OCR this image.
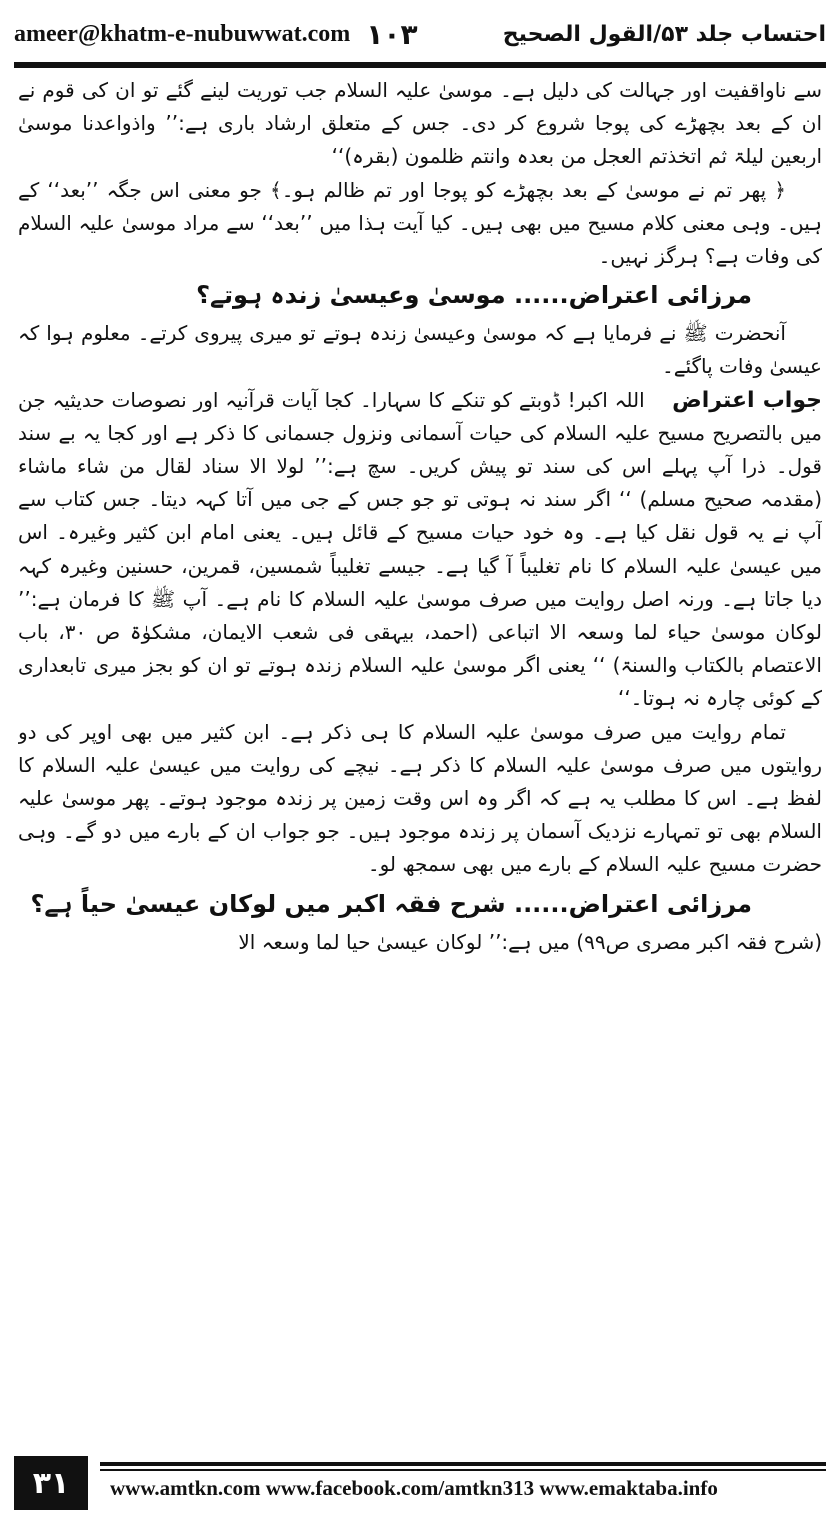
ameer@khatm-e-nubuwwat.com ۱۰۳	احتساب جلد ۵۳/القول الصحیح

سے ناواقفیت اور جہالت کی دلیل ہے۔ موسیٰ علیہ السلام جب توریت لینے گئے تو ان کی قوم نے ان کے بعد بچھڑے کی پوجا شروع کر دی۔ جس کے متعلق ارشاد باری ہے:’’ واذواعدنا موسیٰ اربعین لیلۃ ثم اتخذتم العجل من بعدہ وانتم ظلمون (بقرہ)‘‘

﴿ پھر تم نے موسیٰ کے بعد بچھڑے کو پوجا اور تم ظالم ہو۔﴾ جو معنی اس جگہ ’’بعد‘‘ کے ہیں۔ وہی معنی کلام مسیح میں بھی ہیں۔ کیا آیت ہذا میں ’’بعد‘‘ سے مراد موسیٰ علیہ السلام کی وفات ہے؟ ہرگز نہیں۔

مرزائی اعتراض...... موسیٰ وعیسیٰ زندہ ہوتے؟

آنحضرت ﷺ نے فرمایا ہے کہ موسیٰ وعیسیٰ زندہ ہوتے تو میری پیروی کرتے۔ معلوم ہوا کہ عیسیٰ وفات پاگئے۔

جواب اعتراض    اللہ اکبر! ڈوبتے کو تنکے کا سہارا۔ کجا آیات قرآنیہ اور نصوصات حدیثیہ جن میں بالتصریح مسیح علیہ السلام کی حیات آسمانی ونزول جسمانی کا ذکر ہے اور کجا یہ بے سند قول۔ ذرا آپ پہلے اس کی سند تو پیش کریں۔ سچ ہے:’’ لولا الا سناد لقال من شاء ماشاء (مقدمہ صحیح مسلم) ‘‘ اگر سند نہ ہوتی تو جو جس کے جی میں آتا کہہ دیتا۔ جس کتاب سے آپ نے یہ قول نقل کیا ہے۔ وہ خود حیات مسیح کے قائل ہیں۔ یعنی امام ابن کثیر وغیرہ۔ اس میں عیسیٰ علیہ السلام کا نام تغلیباً آ گیا ہے۔ جیسے تغلیباً شمسین، قمرین، حسنین وغیرہ کہہ دیا جاتا ہے۔ ورنہ اصل روایت میں صرف موسیٰ علیہ السلام کا نام ہے۔ آپ ﷺ کا فرمان ہے:’’ لوکان موسیٰ حیاء لما وسعہ الا اتباعی (احمد، بیہقی فی شعب الایمان، مشکوٰۃ ص ۳۰، باب الاعتصام بالکتاب والسنۃ) ‘‘ یعنی اگر موسیٰ علیہ السلام زندہ ہوتے تو ان کو بجز میری تابعداری کے کوئی چارہ نہ ہوتا۔‘‘

تمام روایت میں صرف موسیٰ علیہ السلام کا ہی ذکر ہے۔ ابن کثیر میں بھی اوپر کی دو روایتوں میں صرف موسیٰ علیہ السلام کا ذکر ہے۔ نیچے کی روایت میں عیسیٰ علیہ السلام کا لفظ ہے۔ اس کا مطلب یہ ہے کہ اگر وہ اس وقت زمین پر زندہ موجود ہوتے۔ پھر موسیٰ علیہ السلام بھی تو تمہارے نزدیک آسمان پر زندہ موجود ہیں۔ جو جواب ان کے بارے میں دو گے۔ وہی حضرت مسیح علیہ السلام کے بارے میں بھی سمجھ لو۔

مرزائی اعتراض...... شرح فقہ اکبر میں لوکان عیسیٰ حیاً ہے؟

(شرح فقہ اکبر مصری ص۹۹) میں ہے:’’ لوکان عیسیٰ حیا لما وسعہ الا

۳۱	www.amtkn.com www.facebook.com/amtkn313 www.emaktaba.info
